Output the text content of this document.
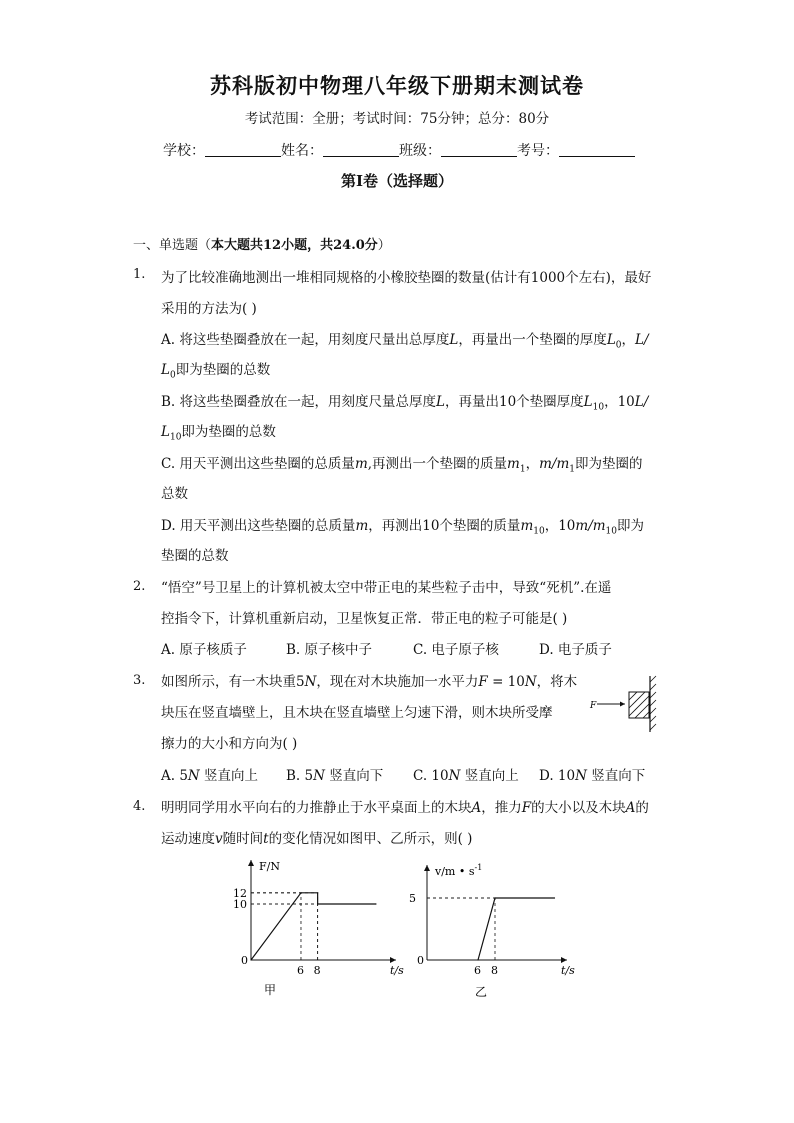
苏科版初中物理八年级下册期末测试卷
考试范围：全册；考试时间：75分钟；总分：80分
学校：	姓名：	班级：	考号：
第I卷（选择题）
一、单选题（本大题共12小题，共24.0分）
1. 为了比较准确地测出一堆相同规格的小橡胶垫圈的数量(估计有1000个左右)，最好
采用的方法为( )
A. 将这些垫圈叠放在一起，用刻度尺量出总厚度L，再量出一个垫圈的厚度$L_0$，L/
$L_0$即为垫圈的总数
B. 将这些垫圈叠放在一起，用刻度尺量总厚度L，再量出10个垫圈厚度$L_{10}$，10L/
$L_{10}$即为垫圈的总数
C. 用天平测出这些垫圈的总质量m,再测出一个垫圈的质量$m_1$，$m/m_1$即为垫圈的
总数
D. 用天平测出这些垫圈的总质量m，再测出10个垫圈的质量$m_{10}$，$10m/m_{10}$即为
垫圈的总数
2. “悟空”号卫星上的计算机被太空中带正电的某些粒子击中，导致“死机”.在遥
控指令下，计算机重新启动，卫星恢复正常．带正电的粒子可能是( )
A. 原子核质子	B. 原子核中子	C. 电子原子核	D. 电子质子
3. 如图所示，有一木块重5N，现在对木块施加一水平力F = 10N，将木
块压在竖直墙壁上，且木块在竖直墙壁上匀速下滑，则木块所受摩
擦力的大小和方向为( )
A. 5N 竖直向上 B. 5N 竖直向下 C. 10N 竖直向上 D. 10N 竖直向下
F
4. 明明同学用水平向右的力推静止于水平桌面上的木块A，推力F的大小以及木块A的
运动速度v随时间t的变化情况如图甲、乙所示，则( )
t/s
F/N
0
6 8
10
12
甲
t/s
v/m • $s^{-1}$
0
6 8
5
乙
